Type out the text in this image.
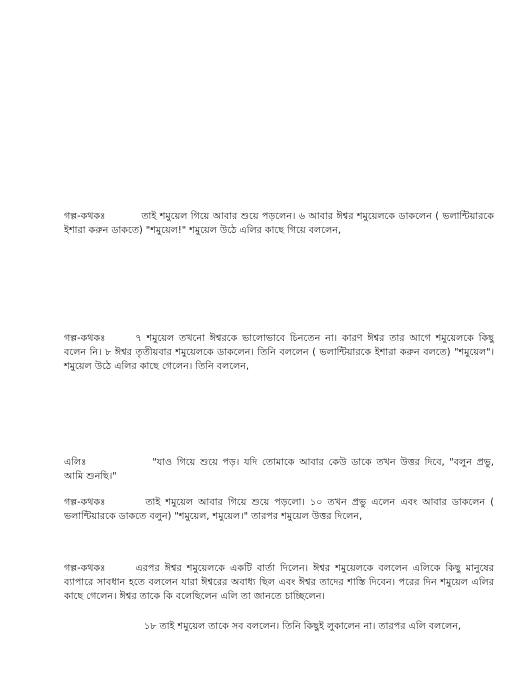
গল্প-কথকঃ	তাই শমুয়েল গিয়ে আবার শুয়ে পড়লেন। ৬ আবার ঈশ্বর শমুয়েলকে ডাকলেন ( ভলান্টিয়ারকে ইশারা করুন ডাকতে) "শমুয়েল!" শমুয়েল উঠে এলির কাছে গিয়ে বললেন,
গল্প-কথকঃ	৭ শমুয়েল তখনো ঈশ্বরকে ভালোভাবে চিনতেন না। কারণ ঈশ্বর তার আগে শমুয়েলকে কিছু বলেন নি। ৮ ঈশ্বর তৃতীয়বার শমুয়েলকে ডাকলেন। তিনি বললেন ( ভলান্টিয়ারকে ইশারা করুন বলতে) "শমুয়েল"। শমুয়েল উঠে এলির কাছে গেলেন। তিনি বললেন,
এলিঃ	"যাও গিয়ে শুয়ে পড়। যদি তোমাকে আবার কেউ ডাকে তখন উত্তর দিবে, "বলুন প্রভু, আমি শুনছি।"
গল্প-কথকঃ	তাই শমুয়েল আবার গিয়ে শুয়ে পড়লো। ১০ তখন প্রভু এলেন এবং আবার ডাকলেন ( ভলান্টিয়ারকে ডাকতে বলুন) "শমুয়েল, শমুয়েল।" তারপর শমুয়েল উত্তর দিলেন,
গল্প-কথকঃ	এরপর ঈশ্বর শমুয়েলকে একটি বার্তা দিলেন। ঈশ্বর শমুয়েলকে বললেন এলিকে কিছু মানুষের ব্যাপারে সাবধান হতে বললেন যারা ঈশ্বরের অবাধ্য ছিল এবং ঈশ্বর তাদের শাস্তি দিবেন। পরের দিন শমুয়েল এলির কাছে গেলেন। ঈশ্বর তাকে কি বলেছিলেন এলি তা জানতে চাচ্ছিলেন।
১৮ তাই শমুয়েল তাকে সব বললেন। তিনি কিছুই লুকালেন না। তারপর এলি বললেন,
